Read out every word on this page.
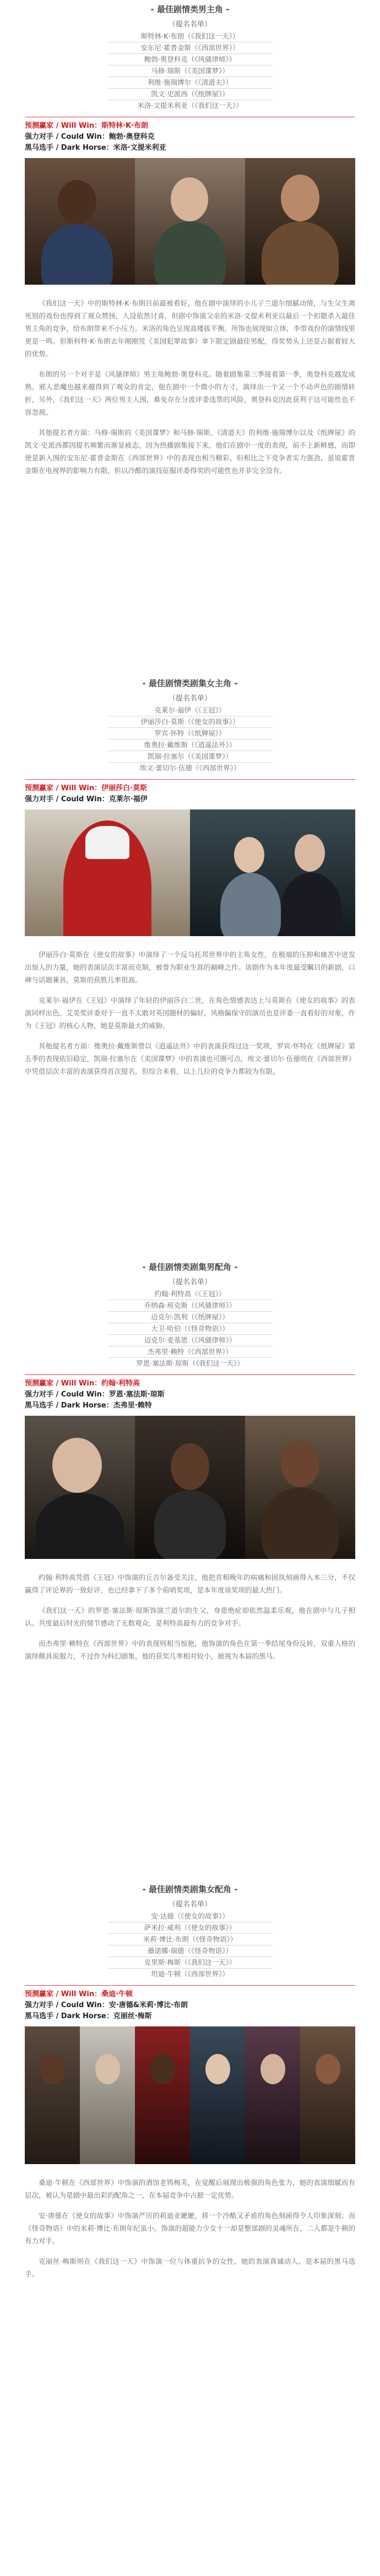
- 最佳剧情类男主角 -
（提名名单）
斯特林·K·布朗（《我们这一天》）
安东尼·霍普金斯（《西部世界》）
鲍勃·奥登科克（《风骚律师》）
马修·瑞斯（《美国谍梦》）
利维·施瑞博尔（《清道夫》）
凯文·史派西（《纸牌屋》）
米洛·文提米利亚（《我们这一天》）
预测赢家 / Will Win：斯特林·K·布朗
强力对手 / Could Win：鲍勃·奥登科克
黑马选手 / Dark Horse：米洛·文提米利亚

《我们这一天》中的斯特林·K·布朗目前最被看好，他在剧中演绎的小儿子兰道尔细腻动情，与生父生离死别的戏份也得到了观众赞扬，人设依然讨喜，但剧中饰演父亲的米洛·文提米利亚以最后一个扣题杀入最佳男主角的竞争，给布朗带来不小压力。米洛的角色呈现高楼拔平衡，所饰也展现如立体，李带戏份的演情线里更是一鸣。但斯科特·K·布朗去年刚刚凭《美国犯罪故事》拿下限定剧最佳男配，得奖势头上还是占据着较大的优势。

布朗的另一个对手是《风骚律师》男主角鲍勃·奥登科克。随着剧集第三季接着第一季，奥登科克越发成熟，邪人恶魔也越来越得到了观众的肯定，他在剧中一个微小的方寸，演绎出一个又一个不动声色的剧情转折，另外，《我们这一天》两位男主人围，难免存在分流评委选票的风险，奥登科克因此获利于这可能性也不容忽视。

其他提名者方面：马修·瑞斯的《美国谍梦》和马修·瑞斯、《清道夫》的利维·施瑞博尔以及《纸牌屋》的凯文·史派西都因提名频繁而渐显疲态，因为热播剧集接下来，他们在剧中一度的表现，前不上新鲜感，而即使是新入围的安东尼·霍普金斯在《西部世界》中的表现也相当精彩，但相比之下竞争者实力强劲，虽说霍普金斯在电视界的影响力有限，但以冷酷的演技征服评委得奖的可能性也并非完全没有。

- 最佳剧情类剧集女主角 -
（提名名单）
克莱尔·福伊（《王冠》）
伊丽莎白·莫斯（《使女的故事》）
罗宾·怀特（《纸牌屋》）
维奥拉·戴维斯（《逍遥法外》）
凯瑞·拉塞尔（《美国谍梦》）
埃文·蕾切尔·伍德（《西部世界》）
预测赢家 / Will Win：伊丽莎白·莫斯
强力对手 / Could Win：克莱尔·福伊

伊丽莎白·莫斯在《使女的故事》中演绎了一个反乌托邦世界中的主角女性，在极端的压抑和痛苦中迸发出惊人的力量，她的表演层次丰富而克制，被誉为职业生涯的巅峰之作。该剧作为本年度最受瞩目的新剧，口碑与话题兼具，莫斯的获胜几率很高。

克莱尔·福伊在《王冠》中演绎了年轻的伊丽莎白二世，在角色情感表达上与莫斯在《使女的故事》的表演同样出色。艾美奖评委对于一直不太敢对英国题材的偏好，风格偏保守的演员也是评委一直看好的对象，作为《王冠》的核心人物，她是莫斯最大的威胁。

其他提名者方面：维奥拉·戴维斯曾以《逍遥法外》中的表演获得过这一奖项，罗宾·怀特在《纸牌屋》第五季的表现依旧稳定，凯瑞·拉塞尔在《美国谍梦》中的表演也可圈可点，埃文·蕾切尔·伍德则在《西部世界》中凭借层次丰富的表演获得首次提名，但综合来看，以上几位的竞争力都较为有限。

- 最佳剧情类剧集男配角 -
（提名名单）
约翰·利特高（《王冠》）
乔纳森·班克斯（《风骚律师》）
迈克尔·凯利（《纸牌屋》）
大卫·哈伯（《怪奇物语》）
迈克尔·麦基恩（《风骚律师》）
杰弗里·赖特（《西部世界》）
罗恩·塞法斯·琼斯（《我们这一天》）
预测赢家 / Will Win：约翰·利特高
强力对手 / Could Win：罗恩·塞法斯·琼斯
黑马选手 / Dark Horse：杰弗里·赖特

约翰·利特高凭借《王冠》中饰演的丘吉尔备受关注，他把首相晚年的病痛和固执刻画得入木三分，不仅赢得了评论界的一致好评，也已经拿下了多个前哨奖项，是本年度该奖项的最大热门。

《我们这一天》的罗恩·塞法斯·琼斯饰演兰道尔的生父，身患绝症却依然温柔乐观，他在剧中与儿子相认、共度最后时光的情节感动了无数观众，是利特高最有力的竞争对手。

而杰弗里·赖特在《西部世界》中的表现则相当惊艳，他饰演的角色在第一季结尾身份反转，双重人格的演绎颇具说服力，不过作为科幻剧集，他的获奖几率相对较小，被视为本届的黑马。

- 最佳剧情类剧集女配角 -
（提名名单）
安·达德（《使女的故事》）
萨米拉·威利（《使女的故事》）
米莉·博比·布朗（《怪奇物语》）
薇诺娜·瑞德（《怪奇物语》）
克里斯·梅斯（《我们这一天》）
坦迪·牛顿（《西部世界》）
预测赢家 / Will Win：桑迪·牛顿
强力对手 / Could Win：安·唐德&米莉·博比·布朗
黑马选手 / Dark Horse：克丽丝·梅斯

桑迪·牛顿在《西部世界》中饰演的酒馆老鸨梅芙，在觉醒后展现出极强的角色张力，她的表演细腻而有层次，被认为是剧中最出彩的配角之一，在本届竞争中占据一定优势。

安·唐德在《使女的故事》中饰演严厉的莉迪亚嬷嬷，将一个冷酷又矛盾的角色刻画得令人印象深刻；而《怪奇物语》中的米莉·博比·布朗年纪虽小，饰演的超能力少女十一却是整部剧的灵魂所在，二人都是牛顿的有力对手。

克丽丝·梅斯则在《我们这一天》中饰演一位与体重抗争的女性，她的表演真诚动人，是本届的黑马选手。
